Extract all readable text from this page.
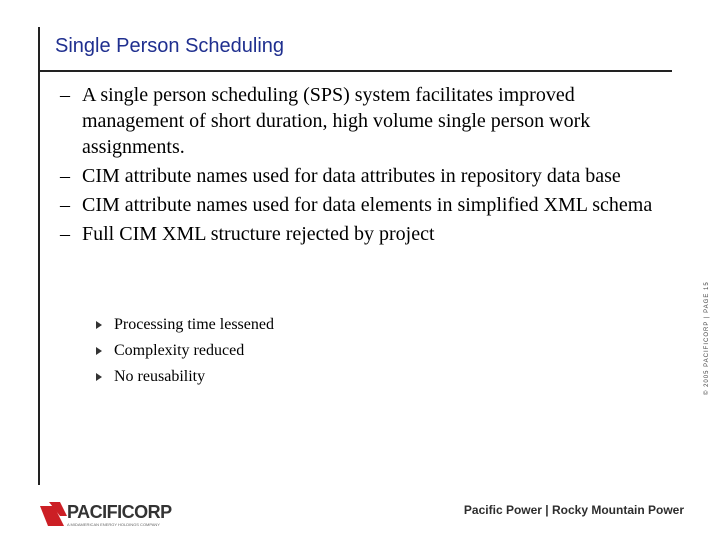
Single Person Scheduling
– A single person scheduling (SPS) system facilitates improved management of short duration, high volume single person work assignments.
– CIM attribute names used for data attributes in repository data base
– CIM attribute names used for data elements in simplified XML schema
– Full CIM XML structure rejected by project
Processing time lessened
Complexity reduced
No reusability	© 2005 PACIFICORP | PAGE 15
PACIFICORP
A MIDAMERICAN ENERGY HOLDINGS COMPANY
Pacific Power | Rocky Mountain Power
